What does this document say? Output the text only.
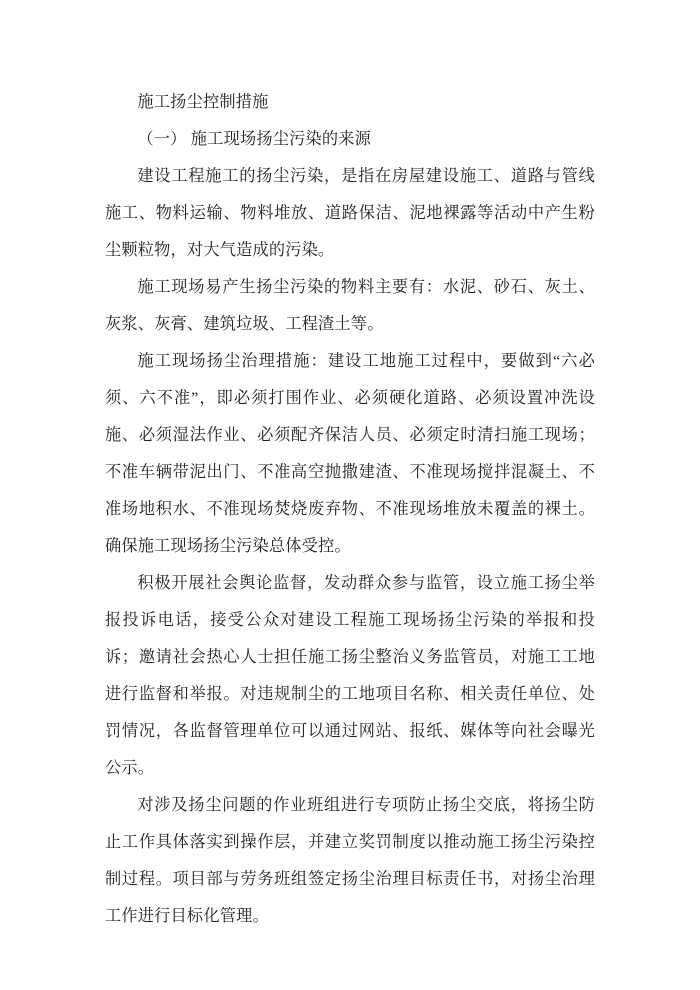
施工扬尘控制措施

（一） 施工现场扬尘污染的来源

建设工程施工的扬尘污染，是指在房屋建设施工、道路与管线施工、物料运输、物料堆放、道路保洁、泥地裸露等活动中产生粉尘颗粒物，对大气造成的污染。

施工现场易产生扬尘污染的物料主要有：水泥、砂石、灰土、灰浆、灰膏、建筑垃圾、工程渣土等。

施工现场扬尘治理措施：建设工地施工过程中，要做到“六必须、六不准”，即必须打围作业、必须硬化道路、必须设置冲洗设施、必须湿法作业、必须配齐保洁人员、必须定时清扫施工现场；不准车辆带泥出门、不准高空抛撒建渣、不准现场搅拌混凝土、不准场地积水、不准现场焚烧废弃物、不准现场堆放未覆盖的裸土。确保施工现场扬尘污染总体受控。

积极开展社会舆论监督，发动群众参与监管，设立施工扬尘举报投诉电话，接受公众对建设工程施工现场扬尘污染的举报和投诉；邀请社会热心人士担任施工扬尘整治义务监管员，对施工工地进行监督和举报。对违规制尘的工地项目名称、相关责任单位、处罚情况，各监督管理单位可以通过网站、报纸、媒体等向社会曝光公示。

对涉及扬尘问题的作业班组进行专项防止扬尘交底，将扬尘防止工作具体落实到操作层，并建立奖罚制度以推动施工扬尘污染控制过程。项目部与劳务班组签定扬尘治理目标责任书，对扬尘治理工作进行目标化管理。
